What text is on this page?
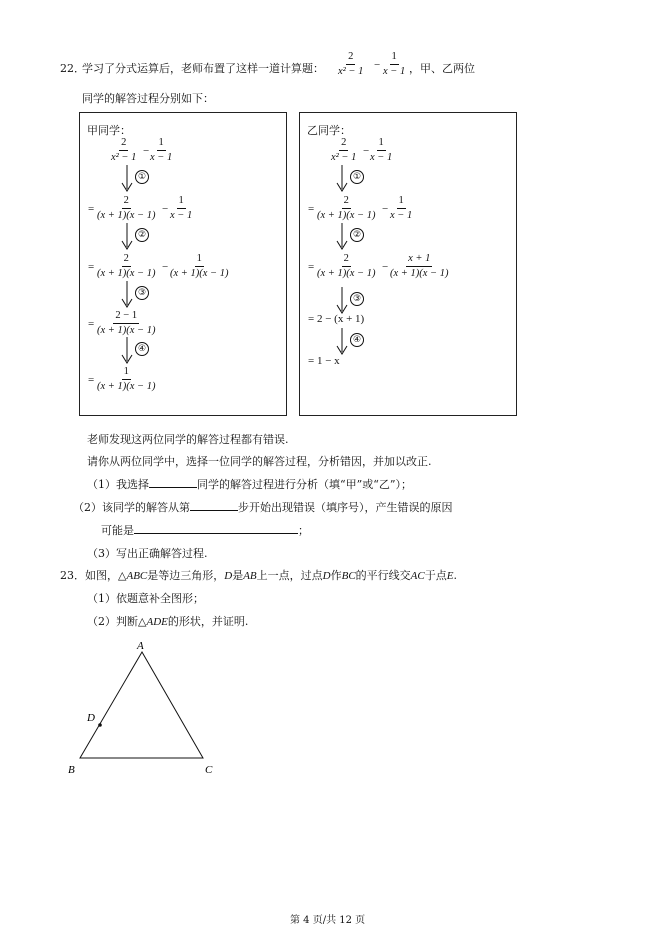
22．
学习了分式运算后，老师布置了这样一道计算题： $\frac{2}{\text{x² − 1}} - \frac{1}{x - 1}$ ，甲、乙两位
同学的解答过程分别如下：
甲同学：
$\frac{2}{\text{x² − 1}} - \frac{1}{x - 1}$
①
= $\frac{2}{(x + 1)(x - 1)} - \frac{1}{x - 1}$
②
= $\frac{2}{(x + 1)(x - 1)} - \frac{1}{(x + 1)(x - 1)}$
③
= $\frac{2 - 1}{(x + 1)(x - 1)}$
④
= $\frac{1}{(x + 1)(x - 1)}$
乙同学：
$\frac{2}{\text{x² − 1}} - \frac{1}{x - 1}$
①
= $\frac{2}{(x + 1)(x - 1)} - \frac{1}{x - 1}$
②
= $\frac{2}{(x + 1)(x - 1)} - \frac{x + 1}{(x + 1)(x - 1)}$
③
= 2 − (x + 1)
④
= 1 − x
老师发现这两位同学的解答过程都有错误.
请你从两位同学中，选择一位同学的解答过程，分析错因，并加以改正.
（1）我选择	同学的解答过程进行分析（填“甲”或“乙”）；
（2）该同学的解答从第	步开始出现错误（填序号），产生错误的原因
可能是	；
（3）写出正确解答过程.
23．如图，△ABC是等边三角形，D是AB上一点，过点D作BC的平行线交AC于点E.
（1）依题意补全图形；
（2）判断△ADE的形状，并证明.
A
B	C
D
第 4 页/共 12 页
